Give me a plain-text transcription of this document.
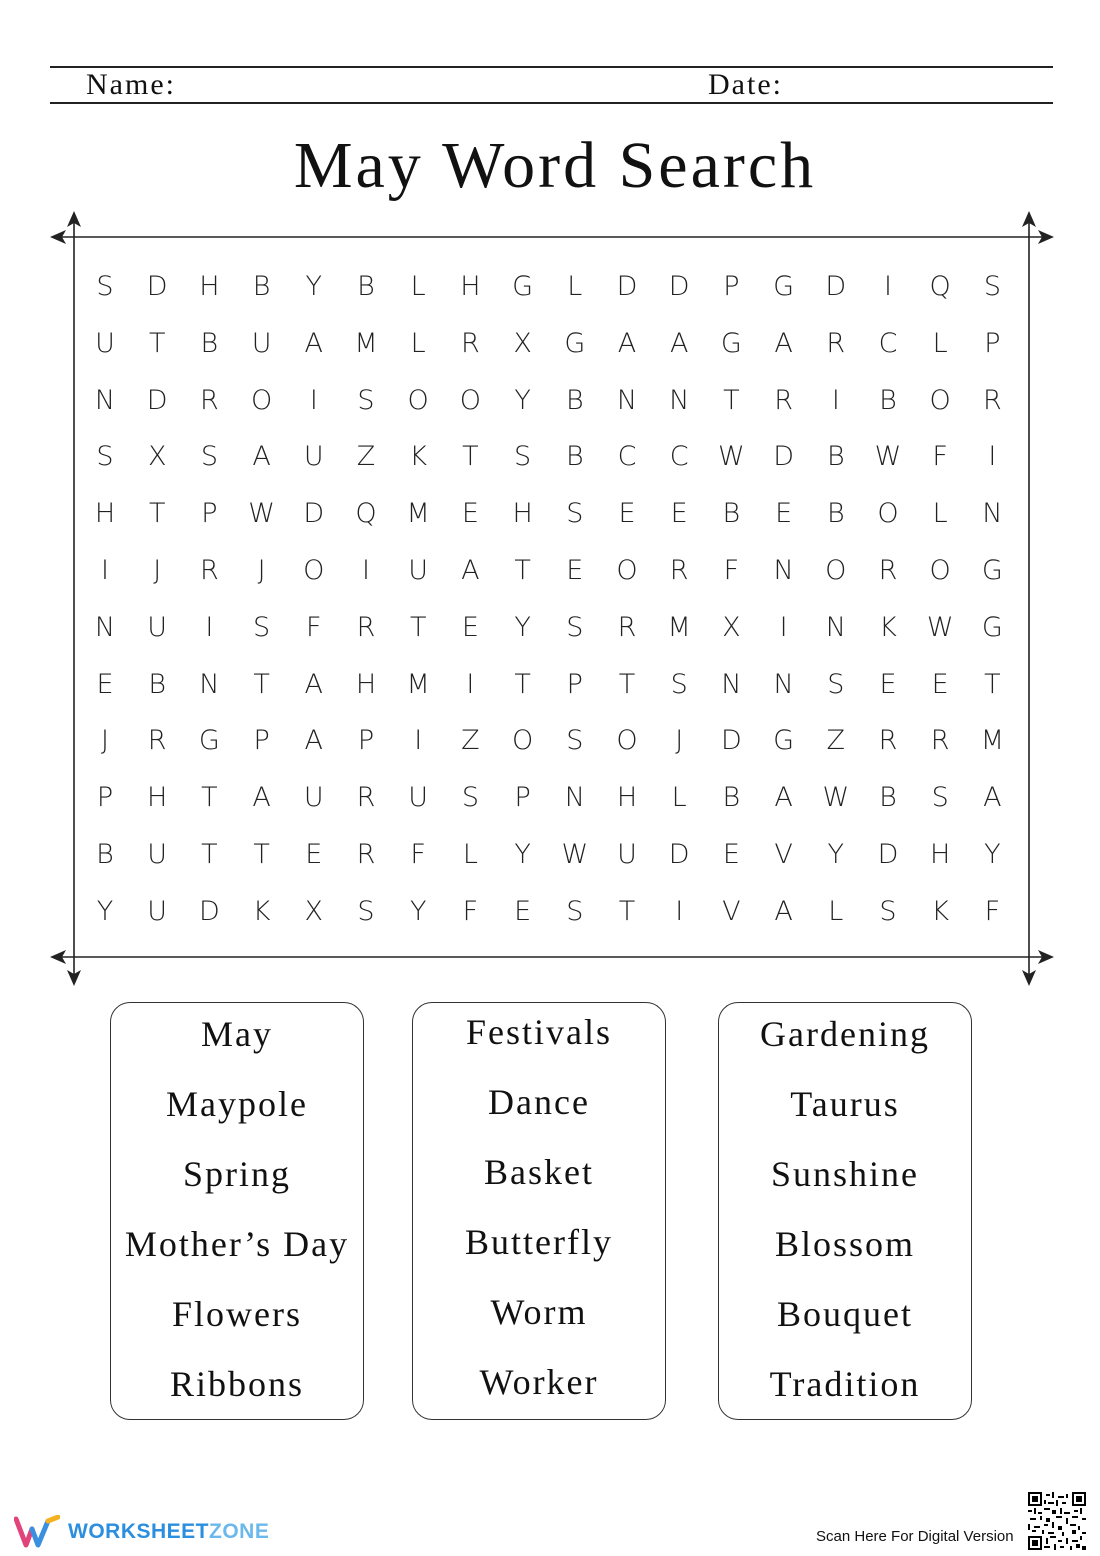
Name:	Date:
May Word Search
S	D	H	B	Y	B	L	H	G	L	D	D	P	G	D	I	Q	S
U	T	B	U	A	M	L	R	X	G	A	A	G	A	R	C	L	P
N	D	R	O	I	S	O	O	Y	B	N	N	T	R	I	B	O	R
S	X	S	A	U	Z	K	T	S	B	C	C	W	D	B	W	F	I
H	T	P	W	D	Q	M	E	H	S	E	E	B	E	B	O	L	N
I	J	R	J	O	I	U	A	T	E	O	R	F	N	O	R	O	G
N	U	I	S	F	R	T	E	Y	S	R	M	X	I	N	K	W	G
E	B	N	T	A	H	M	I	T	P	T	S	N	N	S	E	E	T
J	R	G	P	A	P	I	Z	O	S	O	J	D	G	Z	R	R	M
P	H	T	A	U	R	U	S	P	N	H	L	B	A	W	B	S	A
B	U	T	T	E	R	F	L	Y	W	U	D	E	V	Y	D	H	Y
Y	U	D	K	X	S	Y	F	E	S	T	I	V	A	L	S	K	F
May
Maypole
Spring
Mother’s Day
Flowers
Ribbons
Festivals
Dance
Basket
Butterfly
Worm
Worker
Gardening
Taurus
Sunshine
Blossom
Bouquet
Tradition
WORKSHEETZONE	Scan Here For Digital Version
